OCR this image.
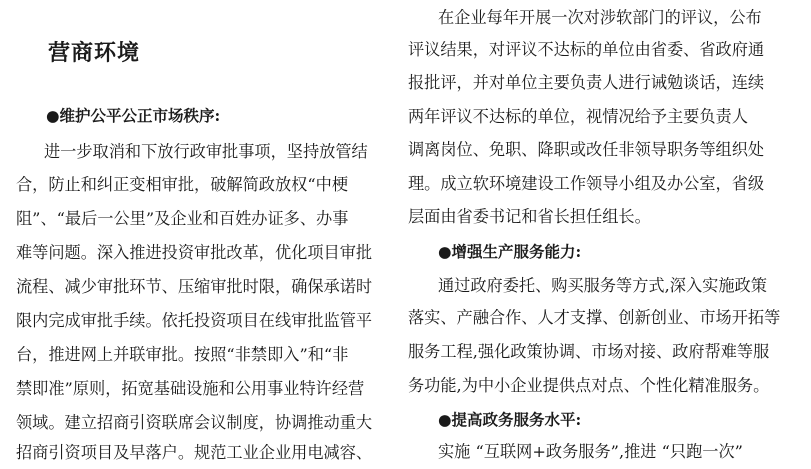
营商环境
●维护公平公正市场秩序:

进一步取消和下放行政审批事项，坚持放管结

合，防止和纠正变相审批，破解简政放权“中梗

阻”、“最后一公里”及企业和百姓办证多、办事

难等问题。深入推进投资审批改革，优化项目审批

流程、减少审批环节、压缩审批时限，确保承诺时

限内完成审批手续。依托投资项目在线审批监管平

台，推进网上并联审批。按照“非禁即入”和“非

禁即准”原则，拓宽基础设施和公用事业特许经营

领域。建立招商引资联席会议制度，协调推动重大

招商引资项目及早落户。规范工业企业用电减容、

在企业每年开展一次对涉软部门的评议，公布

评议结果，对评议不达标的单位由省委、省政府通

报批评，并对单位主要负责人进行诫勉谈话，连续

两年评议不达标的单位，视情况给予主要负责人

调离岗位、免职、降职或改任非领导职务等组织处

理。成立软环境建设工作领导小组及办公室，省级

层面由省委书记和省长担任组长。

●增强生产服务能力:

通过政府委托、购买服务等方式,深入实施政策

落实、产融合作、人才支撑、创新创业、市场开拓等

服务工程,强化政策协调、市场对接、政府帮难等服

务功能,为中小企业提供点对点、个性化精准服务。

●提高政务服务水平:

实施 “互联网+政务服务”,推进 “只跑一次”
